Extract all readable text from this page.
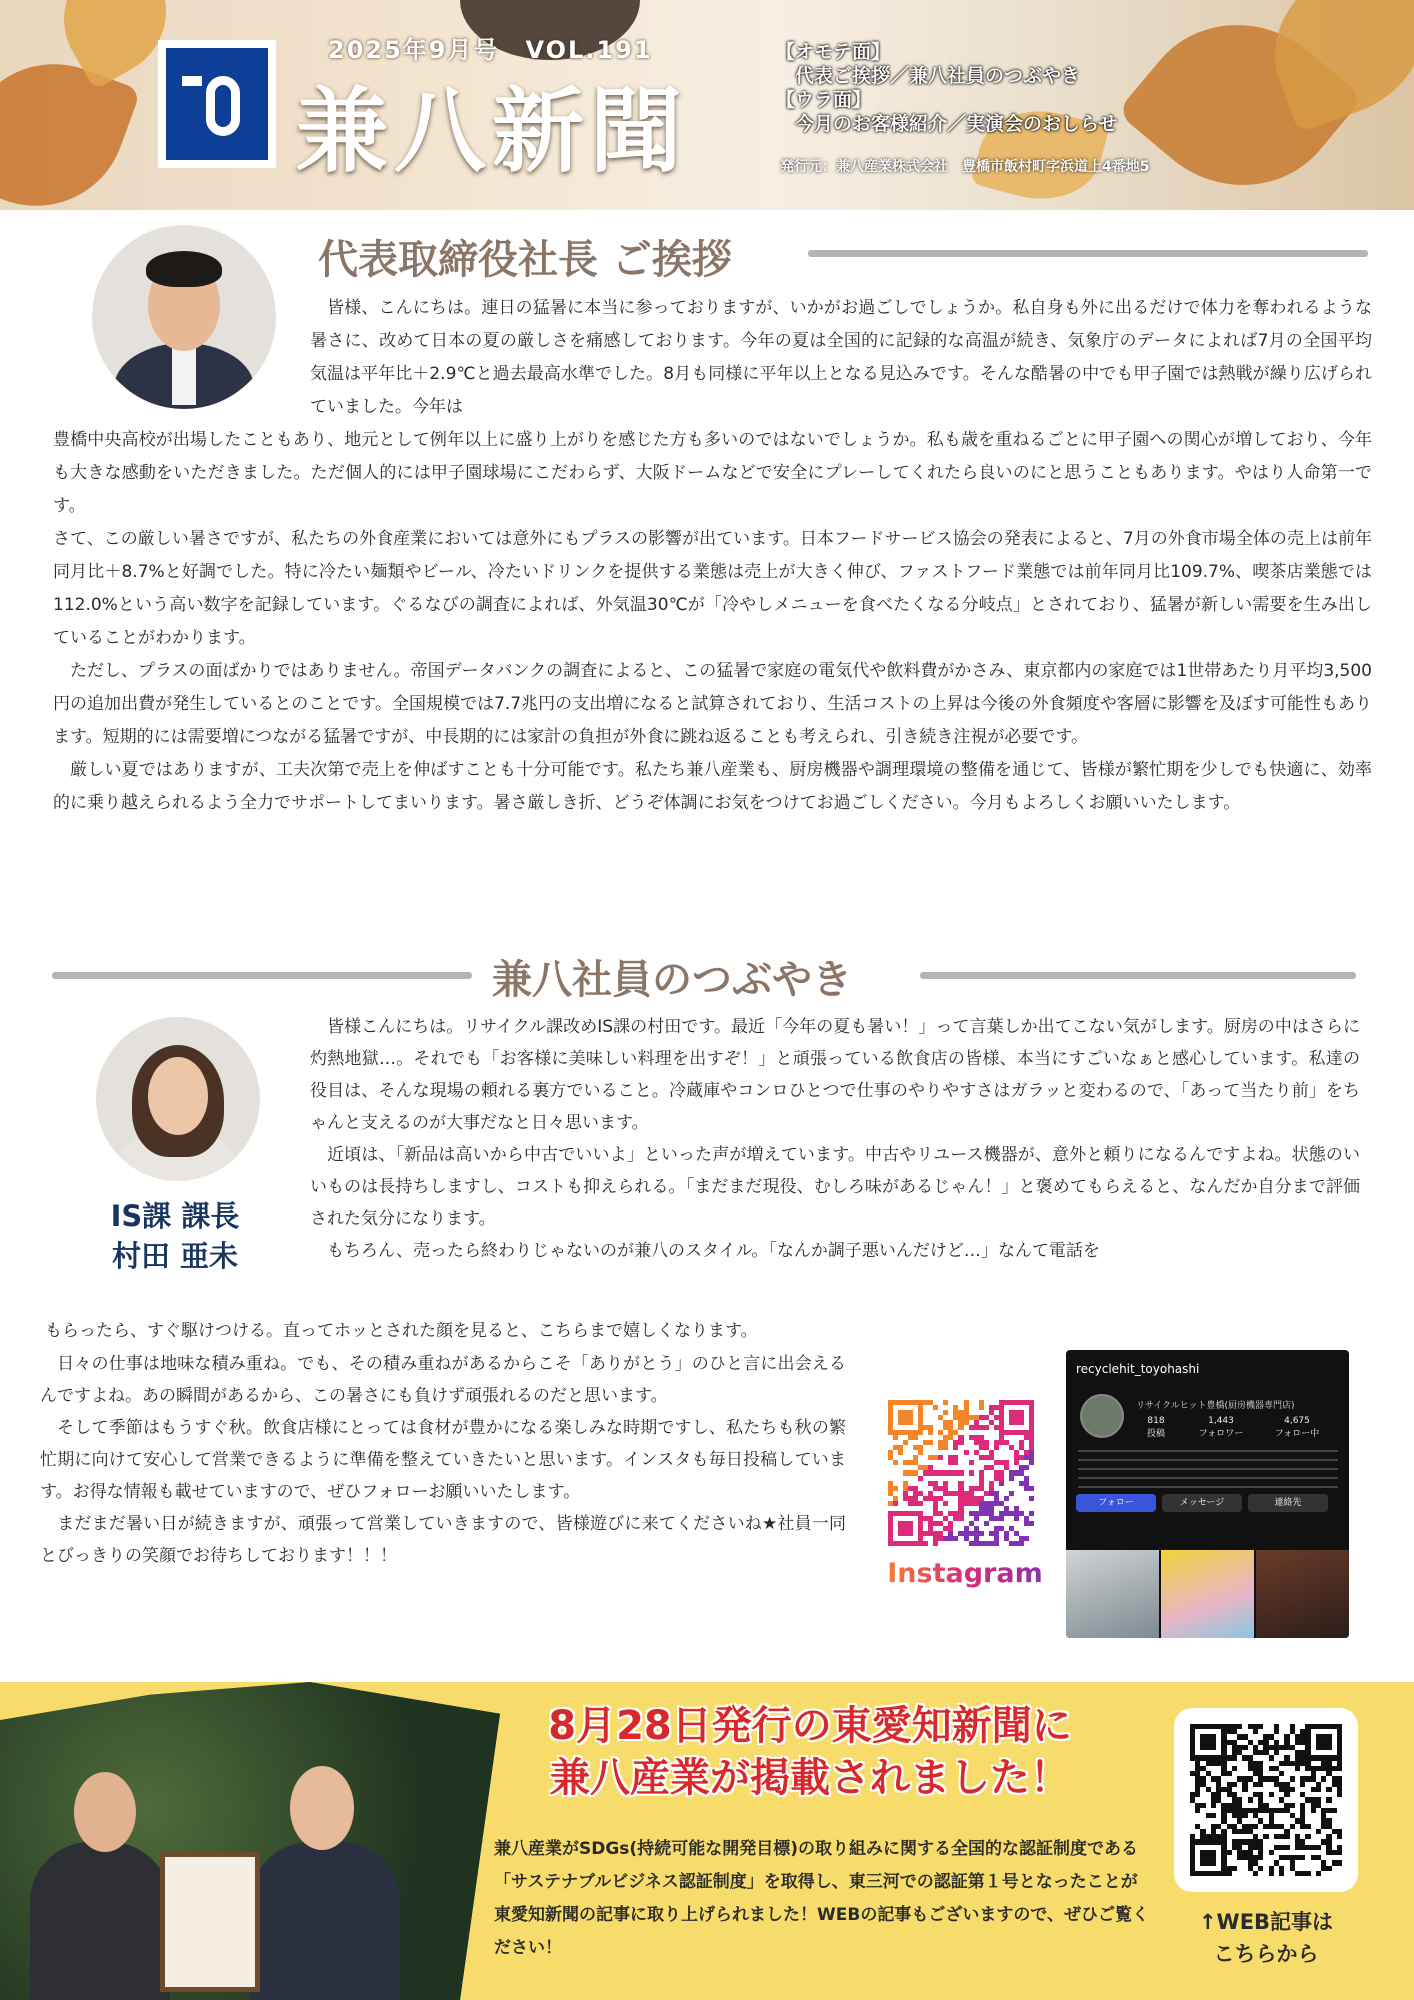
2025年9月号　VOL.191
兼八新聞
【オモテ面】
　代表ご挨拶／兼八社員のつぶやき
【ウラ面】
　今月のお客様紹介／実演会のおしらせ
発行元：兼八産業株式会社　豊橋市飯村町字浜道上4番地5
代表取締役社長 ご挨拶

　皆様、こんにちは。連日の猛暑に本当に参っておりますが、いかがお過ごしでしょうか。私自身も外に出るだけで体力を奪われるような暑さに、改めて日本の夏の厳しさを痛感しております。今年の夏は全国的に記録的な高温が続き、気象庁のデータによれば7月の全国平均気温は平年比＋2.9℃と過去最高水準でした。8月も同様に平年以上となる見込みです。そんな酷暑の中でも甲子園では熱戦が繰り広げられていました。今年は

豊橋中央高校が出場したこともあり、地元として例年以上に盛り上がりを感じた方も多いのではないでしょうか。私も歳を重ねるごとに甲子園への関心が増しており、今年も大きな感動をいただきました。ただ個人的には甲子園球場にこだわらず、大阪ドームなどで安全にプレーしてくれたら良いのにと思うこともあります。やはり人命第一です。
さて、この厳しい暑さですが、私たちの外食産業においては意外にもプラスの影響が出ています。日本フードサービス協会の発表によると、7月の外食市場全体の売上は前年同月比＋8.7%と好調でした。特に冷たい麺類やビール、冷たいドリンクを提供する業態は売上が大きく伸び、ファストフード業態では前年同月比109.7%、喫茶店業態では112.0%という高い数字を記録しています。ぐるなびの調査によれば、外気温30℃が「冷やしメニューを食べたくなる分岐点」とされており、猛暑が新しい需要を生み出していることがわかります。
　ただし、プラスの面ばかりではありません。帝国データバンクの調査によると、この猛暑で家庭の電気代や飲料費がかさみ、東京都内の家庭では1世帯あたり月平均3,500円の追加出費が発生しているとのことです。全国規模では7.7兆円の支出増になると試算されており、生活コストの上昇は今後の外食頻度や客層に影響を及ぼす可能性もあります。短期的には需要増につながる猛暑ですが、中長期的には家計の負担が外食に跳ね返ることも考えられ、引き続き注視が必要です。
　厳しい夏ではありますが、工夫次第で売上を伸ばすことも十分可能です。私たち兼八産業も、厨房機器や調理環境の整備を通じて、皆様が繁忙期を少しでも快適に、効率的に乗り越えられるよう全力でサポートしてまいります。暑さ厳しき折、どうぞ体調にお気をつけてお過ごしください。今月もよろしくお願いいたします。

兼八社員のつぶやき
IS課 課長
村田 亜未

　皆様こんにちは。リサイクル課改めIS課の村田です。最近「今年の夏も暑い！」って言葉しか出てこない気がします。厨房の中はさらに灼熱地獄…。それでも「お客様に美味しい料理を出すぞ！」と頑張っている飲食店の皆様、本当にすごいなぁと感心しています。私達の役目は、そんな現場の頼れる裏方でいること。冷蔵庫やコンロひとつで仕事のやりやすさはガラッと変わるので、「あって当たり前」をちゃんと支えるのが大事だなと日々思います。
　近頃は、「新品は高いから中古でいいよ」といった声が増えています。中古やリユース機器が、意外と頼りになるんですよね。状態のいいものは長持ちしますし、コストも抑えられる。「まだまだ現役、むしろ味があるじゃん！」と褒めてもらえると、なんだか自分まで評価された気分になります。
　もちろん、売ったら終わりじゃないのが兼八のスタイル。「なんか調子悪いんだけど…」なんて電話を

もらったら、すぐ駆けつける。直ってホッとされた顔を見ると、こちらまで嬉しくなります。

　日々の仕事は地味な積み重ね。でも、その積み重ねがあるからこそ「ありがとう」のひと言に出会えるんですよね。あの瞬間があるから、この暑さにも負けず頑張れるのだと思います。
　そして季節はもうすぐ秋。飲食店様にとっては食材が豊かになる楽しみな時期ですし、私たちも秋の繁忙期に向けて安心して営業できるように準備を整えていきたいと思います。インスタも毎日投稿しています。お得な情報も載せていますので、ぜひフォローお願いいたします。
　まだまだ暑い日が続きますが、頑張って営業していきますので、皆様遊びに来てくださいね★社員一同とびっきりの笑顔でお待ちしております！！！

Instagram
recyclehit_toyohashi
リサイクルヒット豊橋(厨房機器専門店)
818
投稿
1,443
フォロワー
4,675
フォロー中
フォロー	メッセージ	連絡先
8月28日発行の東愛知新聞に
兼八産業が掲載されました！

兼八産業がSDGs(持続可能な開発目標)の取り組みに関する全国的な認証制度である「サステナブルビジネス認証制度」を取得し、東三河での認証第１号となったことが東愛知新聞の記事に取り上げられました！WEBの記事もございますので、ぜひご覧ください！

↑WEB記事は
こちらから
